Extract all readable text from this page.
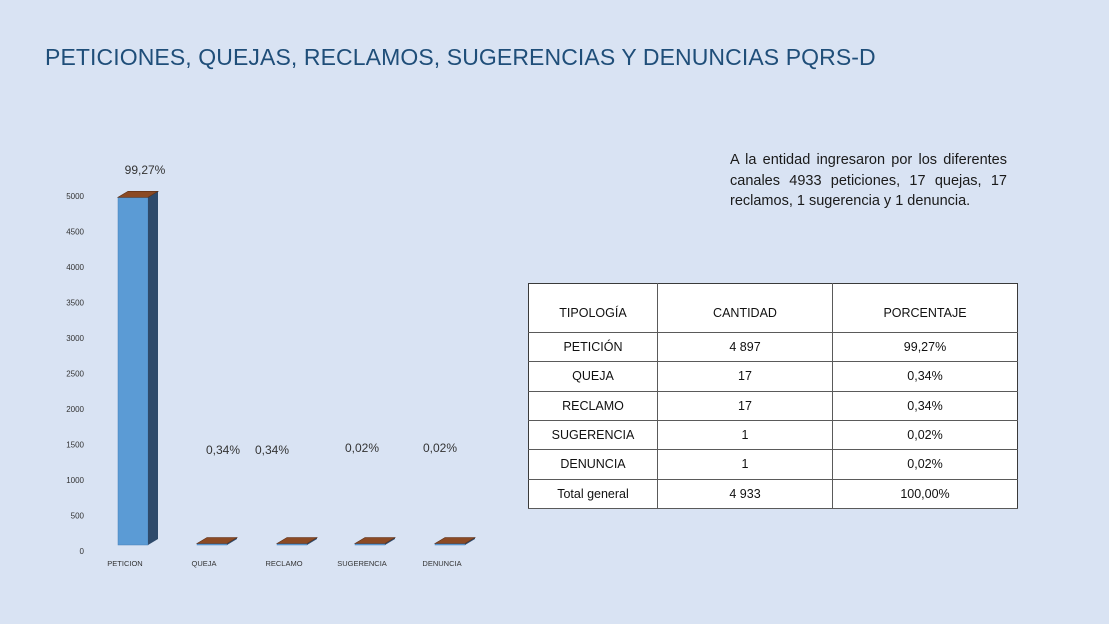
PETICIONES, QUEJAS, RECLAMOS, SUGERENCIAS Y DENUNCIAS PQRS-D
0
500
1000
1500
2000
2500
3000
3500
4000
4500
5000
PETICION
99,27%
QUEJA
0,34%
RECLAMO
0,34%
SUGERENCIA
0,02%
DENUNCIA
0,02%
A la entidad ingresaron por los diferentes canales 4933 peticiones, 17 quejas, 17 reclamos, 1 sugerencia y 1 denuncia.
TIPOLOGÍA	CANTIDAD	PORCENTAJE
PETICIÓN	4 897	99,27%
QUEJA	17	0,34%
RECLAMO	17	0,34%
SUGERENCIA	1	0,02%
DENUNCIA	1	0,02%
Total general	4 933	100,00%
